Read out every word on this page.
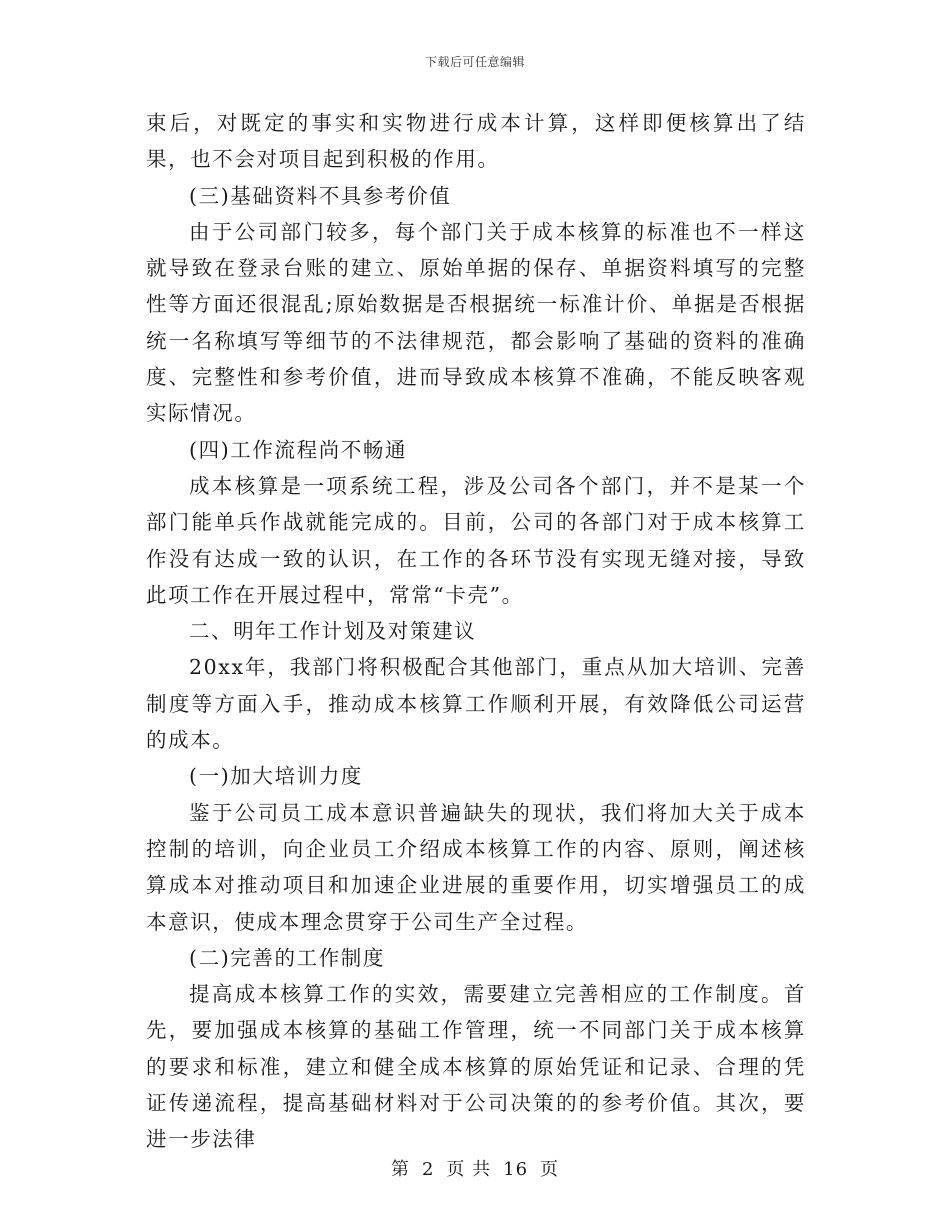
下载后可任意编辑

束后，对既定的事实和实物进行成本计算，这样即便核算出了结果，也不会对项目起到积极的作用。

(三)基础资料不具参考价值

由于公司部门较多，每个部门关于成本核算的标准也不一样这就导致在登录台账的建立、原始单据的保存、单据资料填写的完整性等方面还很混乱;原始数据是否根据统一标准计价、单据是否根据统一名称填写等细节的不法律规范，都会影响了基础的资料的准确度、完整性和参考价值，进而导致成本核算不准确，不能反映客观实际情况。

(四)工作流程尚不畅通

成本核算是一项系统工程，涉及公司各个部门，并不是某一个部门能单兵作战就能完成的。目前，公司的各部门对于成本核算工作没有达成一致的认识，在工作的各环节没有实现无缝对接，导致此项工作在开展过程中，常常“卡壳”。

二、明年工作计划及对策建议

20xx年，我部门将积极配合其他部门，重点从加大培训、完善制度等方面入手，推动成本核算工作顺利开展，有效降低公司运营的成本。

(一)加大培训力度

鉴于公司员工成本意识普遍缺失的现状，我们将加大关于成本控制的培训，向企业员工介绍成本核算工作的内容、原则，阐述核算成本对推动项目和加速企业进展的重要作用，切实增强员工的成本意识，使成本理念贯穿于公司生产全过程。

(二)完善的工作制度

提高成本核算工作的实效，需要建立完善相应的工作制度。首先，要加强成本核算的基础工作管理，统一不同部门关于成本核算的要求和标准，建立和健全成本核算的原始凭证和记录、合理的凭证传递流程，提高基础材料对于公司决策的的参考价值。其次，要进一步法律

第 2 页 共 16 页
